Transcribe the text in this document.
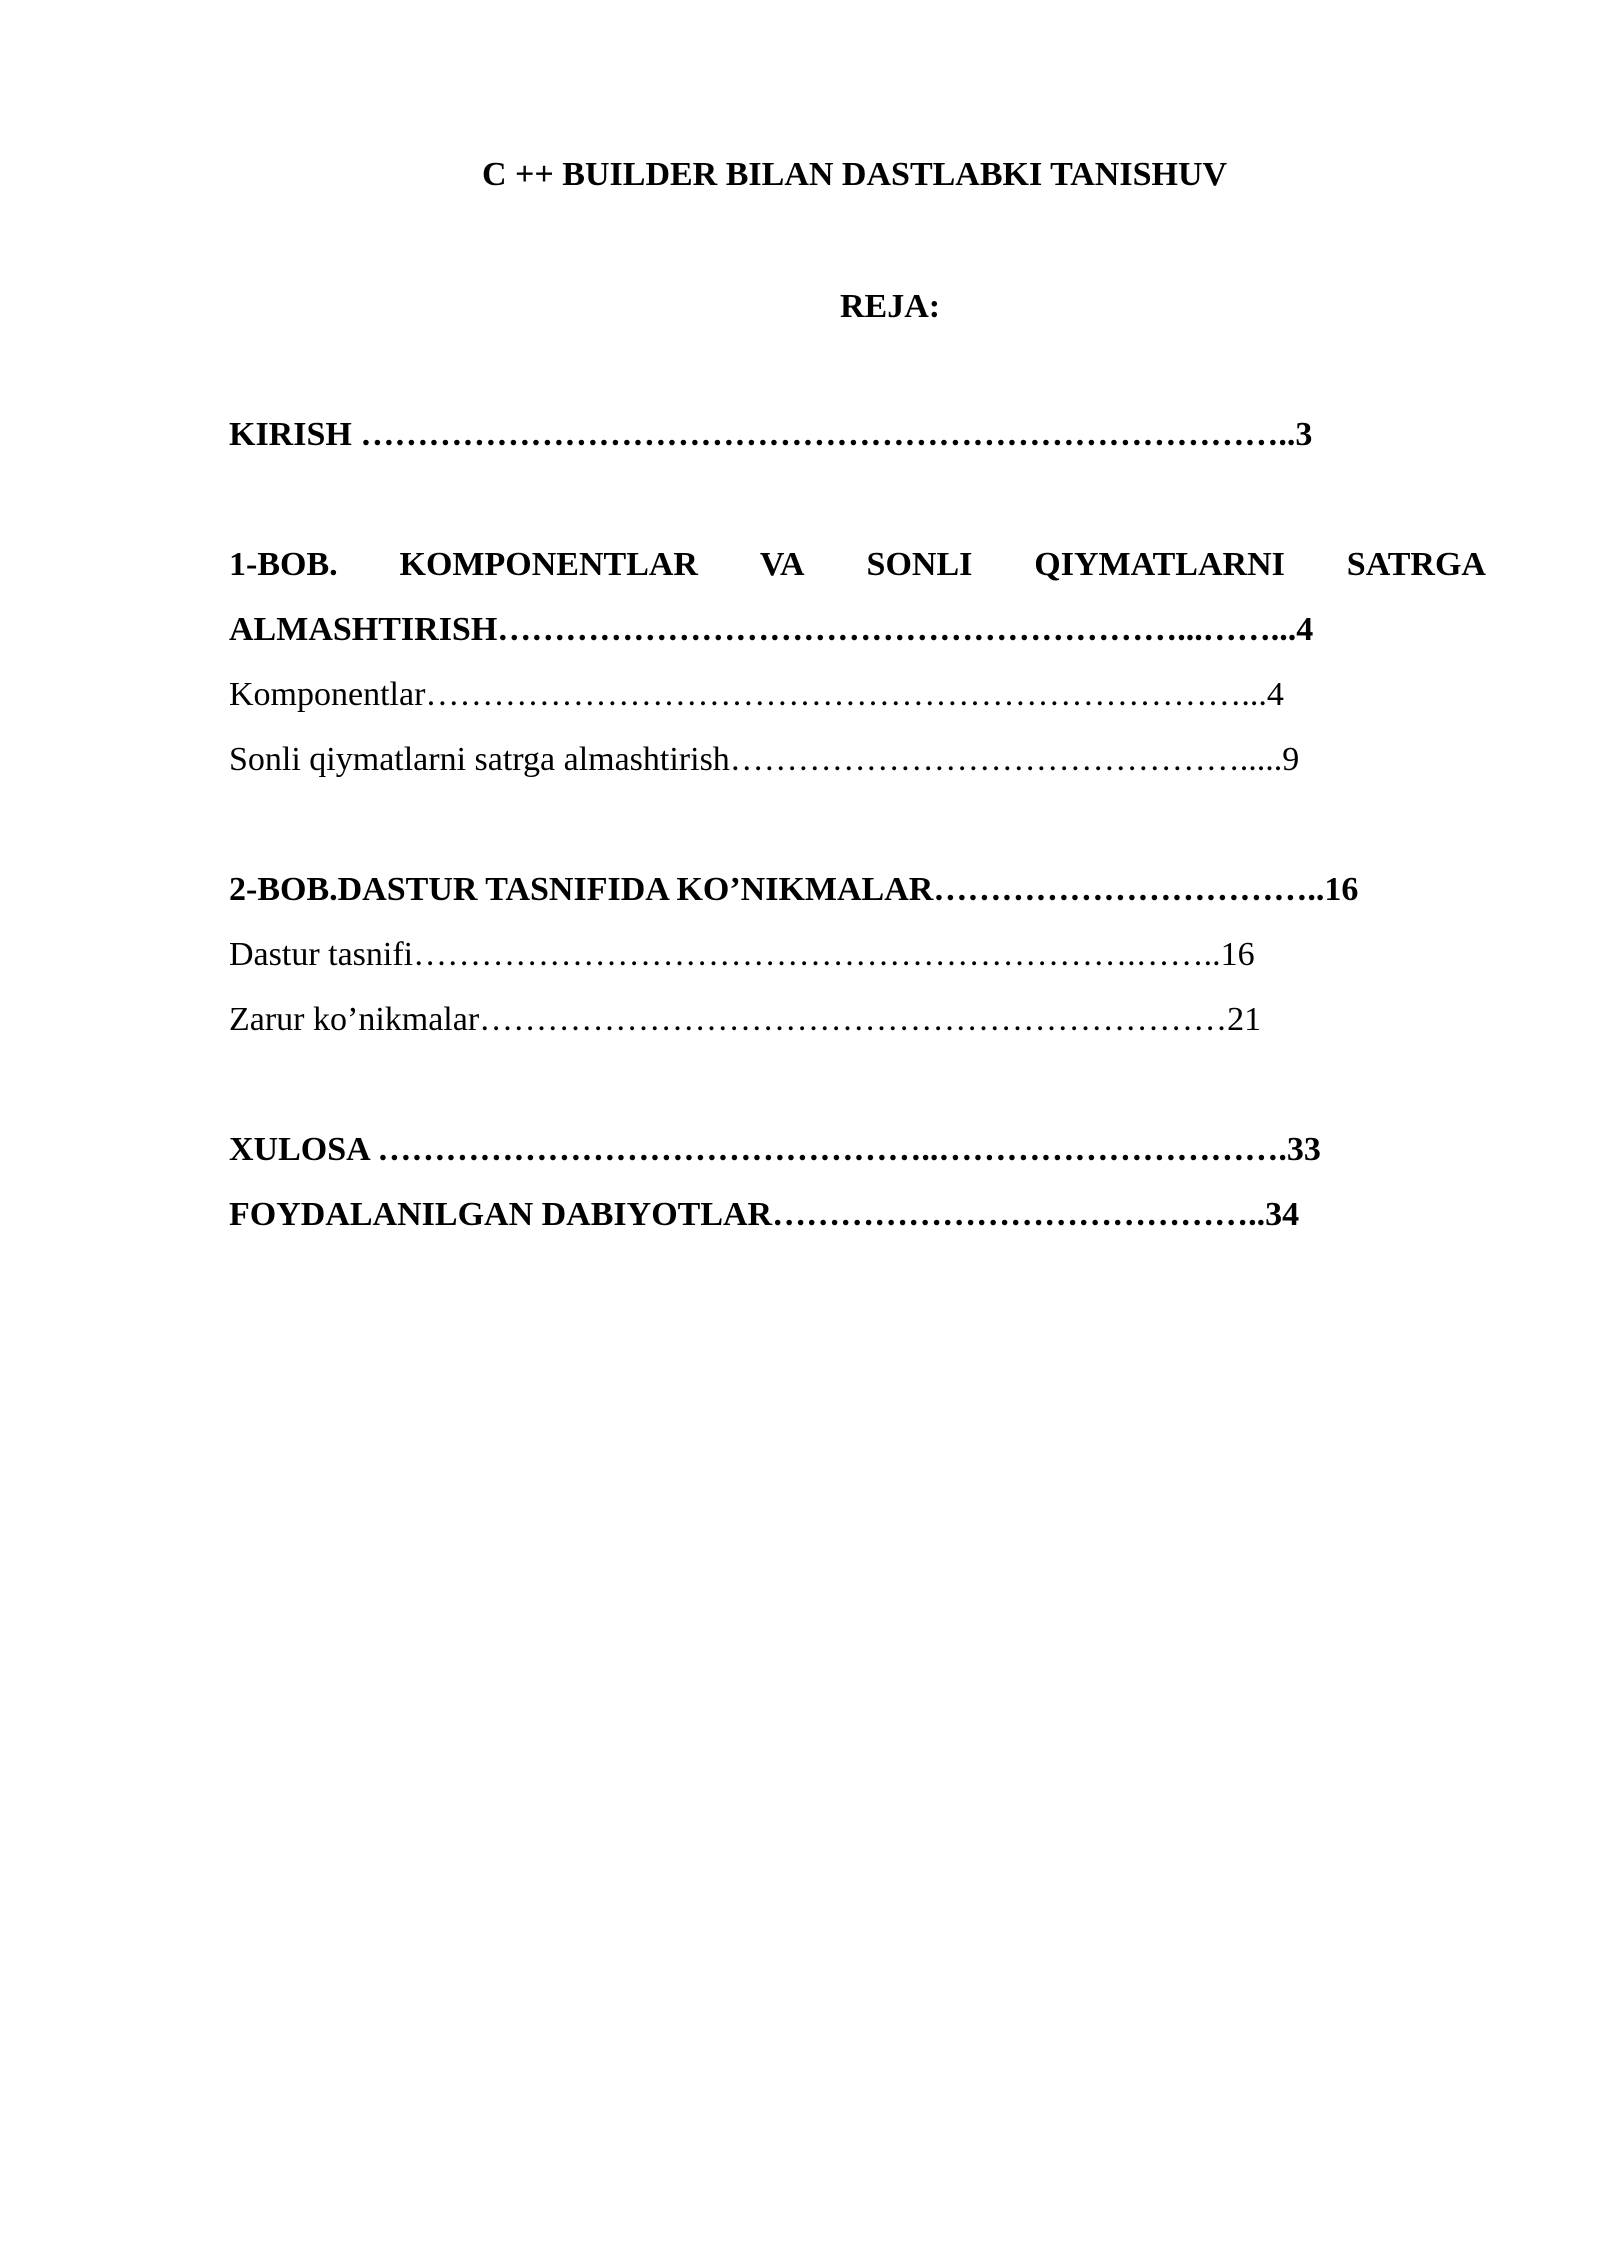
C ++ BUILDER BILAN DASTLABKI TANISHUV
REJA:
KIRISH ………………………………………………………………………..3
1-BOB. KOMPONENTLAR VA SONLI QIYMATLARNI SATRGA
ALMASHTIRISH……………………………………………………...……...4
Komponentlar………………………………………………………………...4
Sonli qiymatlarni satrga almashtirish……………………………………….....9
2-BOB.DASTUR TASNIFIDA KO’NIKMALAR……………………………..16
Dastur tasnifi……………………………………………………….……..16
Zarur ko’nikmalar…………………………………………………………21
XULOSA …………………………………………..………………………….33
FOYDALANILGAN DABIYOTLAR……………………………………..34
